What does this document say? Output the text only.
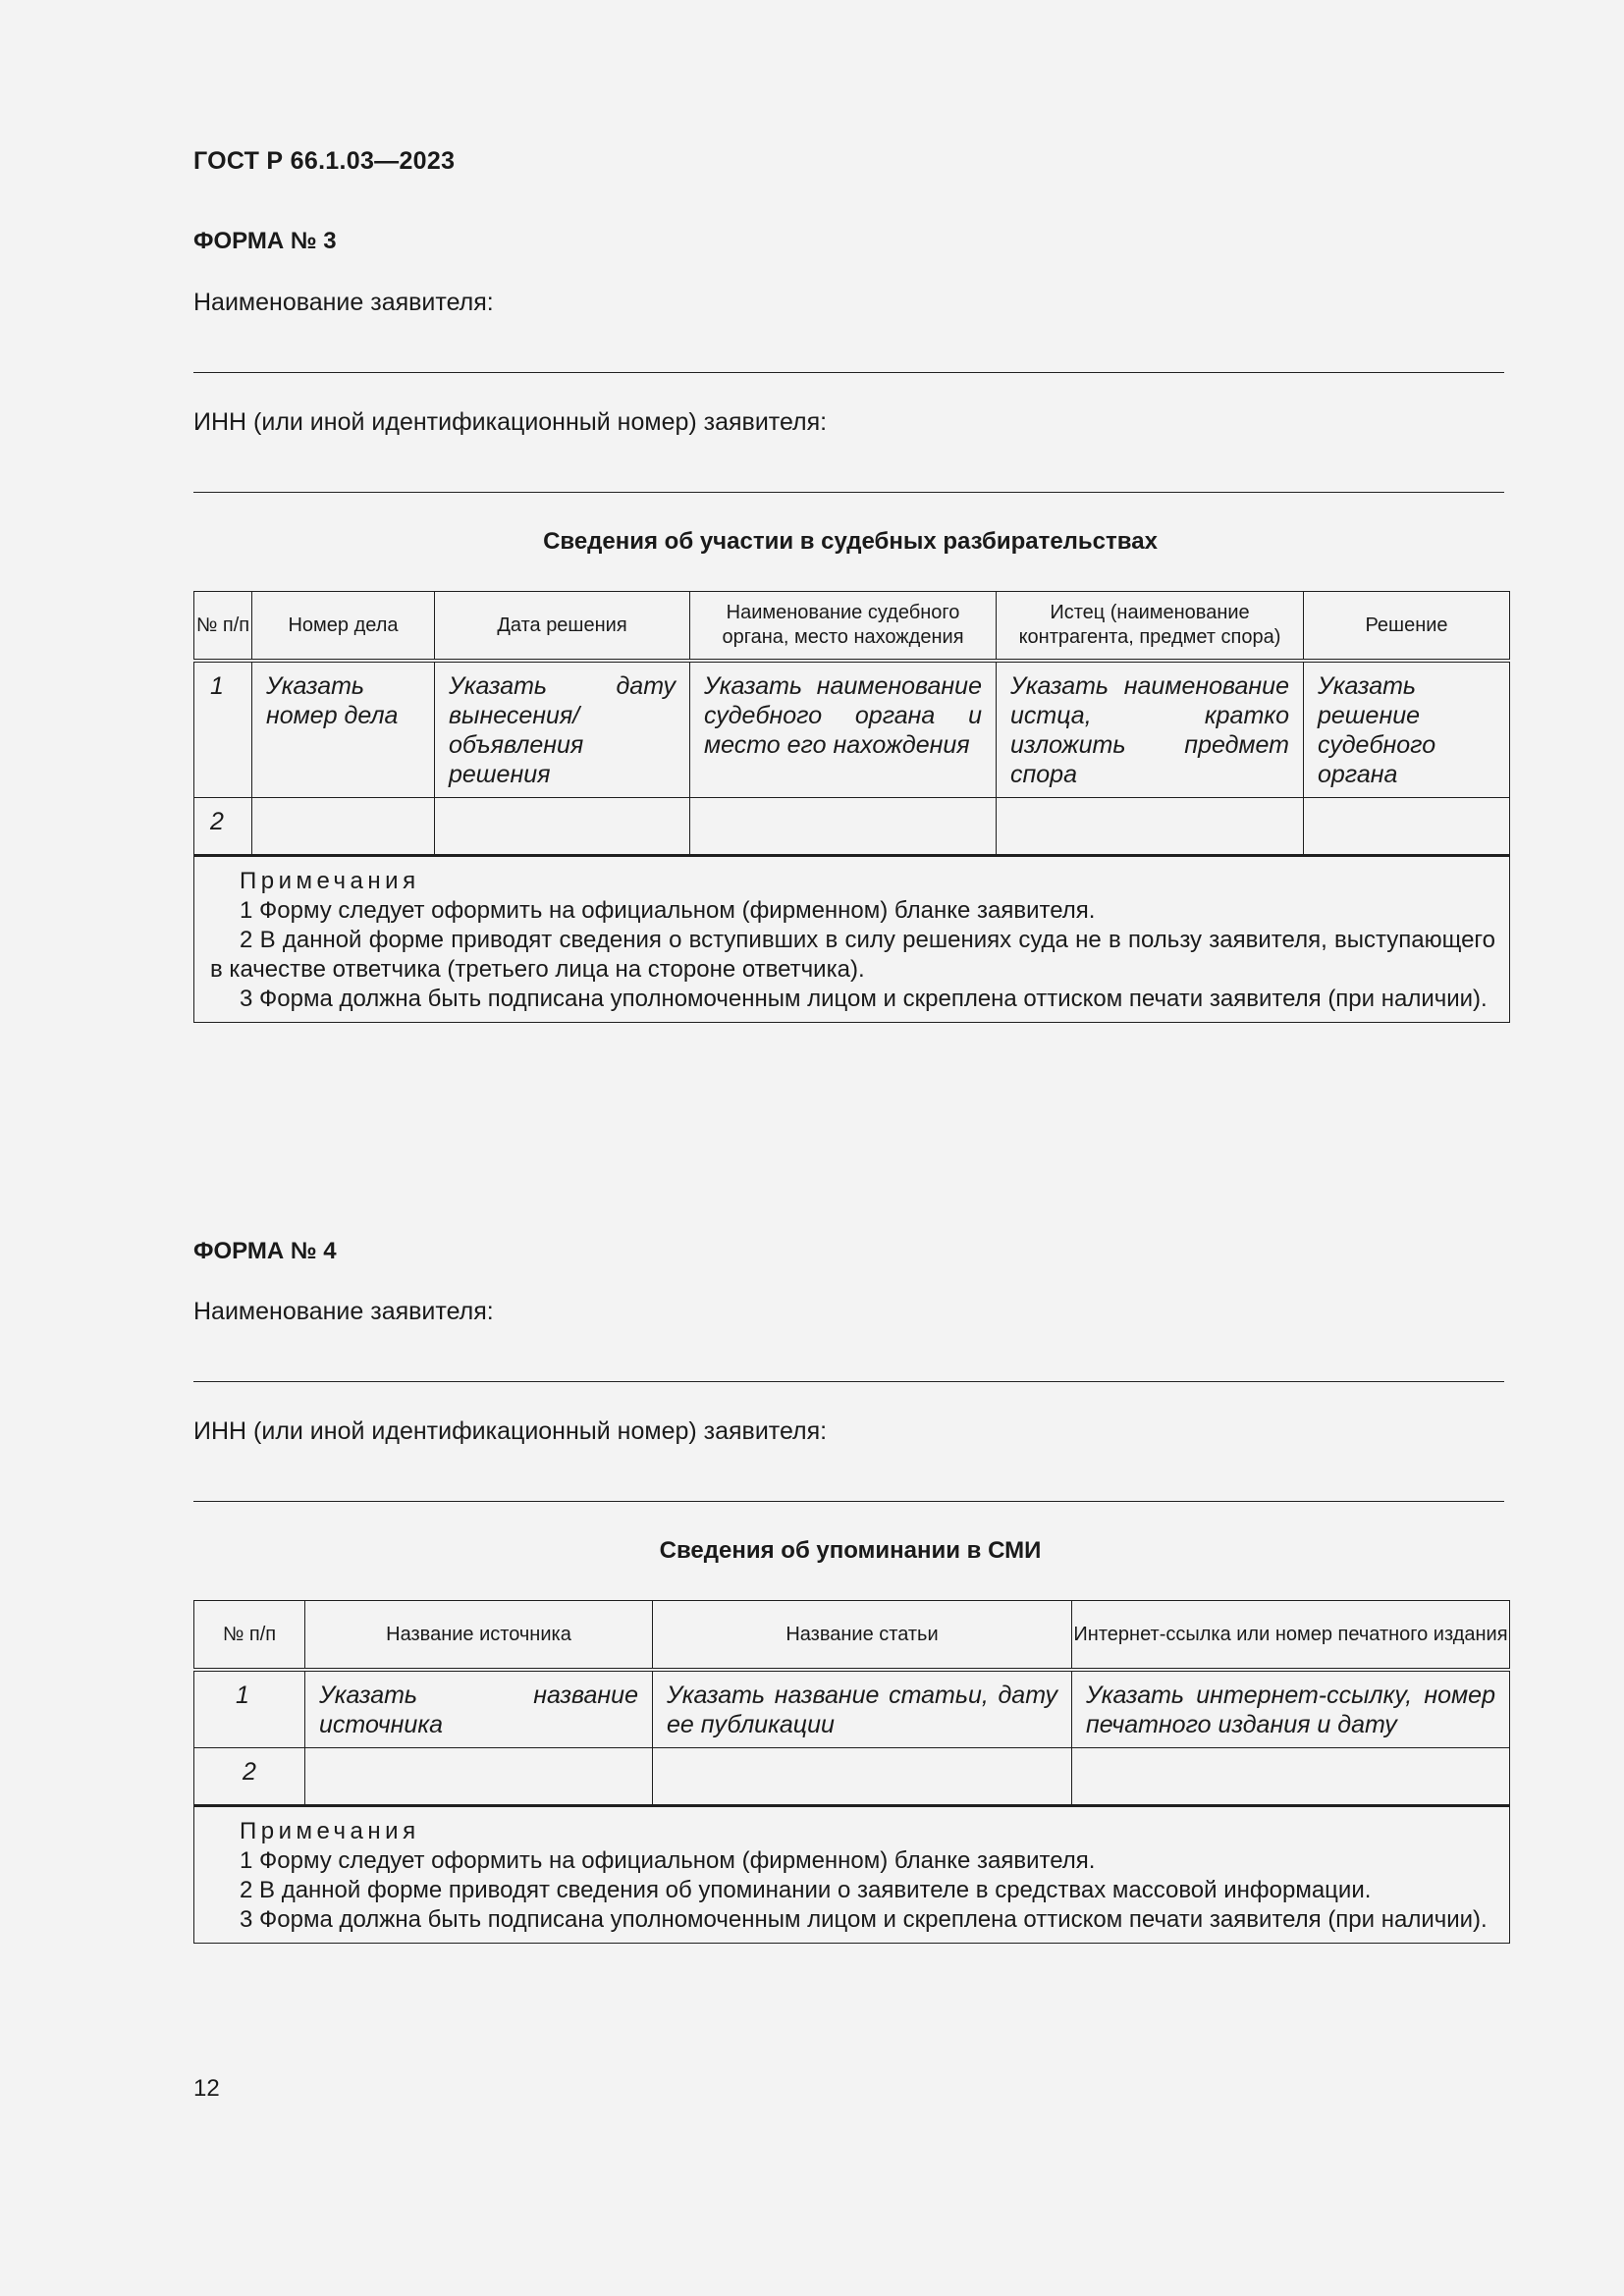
ГОСТ Р 66.1.03—2023
ФОРМА № 3
Наименование заявителя:
ИНН (или иной идентификационный номер) заявителя:
Сведения об участии в судебных разбирательствах
№ п/п	Номер дела	Дата решения	Наименование судебного органа, место нахождения	Истец (наименование контрагента, предмет спора)	Решение
1	Указать номер дела	Указать дату вынесения/объявления решения	Указать наименование судебного органа и место его нахождения	Указать наименование истца, кратко изложить предмет спора	Указать решение судебного органа
2					

Примечания
1 Форму следует оформить на официальном (фирменном) бланке заявителя.
2 В данной форме приводят сведения о вступивших в силу решениях суда не в пользу заявителя, выступающего в качестве ответчика (третьего лица на стороне ответчика).
3 Форма должна быть подписана уполномоченным лицом и скреплена оттиском печати заявителя (при наличии).					
ФОРМА № 4
Наименование заявителя:
ИНН (или иной идентификационный номер) заявителя:
Сведения об упоминании в СМИ
№ п/п	Название источника	Название статьи	Интернет-ссылка или номер печатного издания
1	Указать название источника	Указать название статьи, дату ее публикации	Указать интернет-ссылку, номер печатного издания и дату
2			

Примечания
1 Форму следует оформить на официальном (фирменном) бланке заявителя.
2 В данной форме приводят сведения об упоминании о заявителе в средствах массовой информации.
3 Форма должна быть подписана уполномоченным лицом и скреплена оттиском печати заявителя (при наличии).			
12
